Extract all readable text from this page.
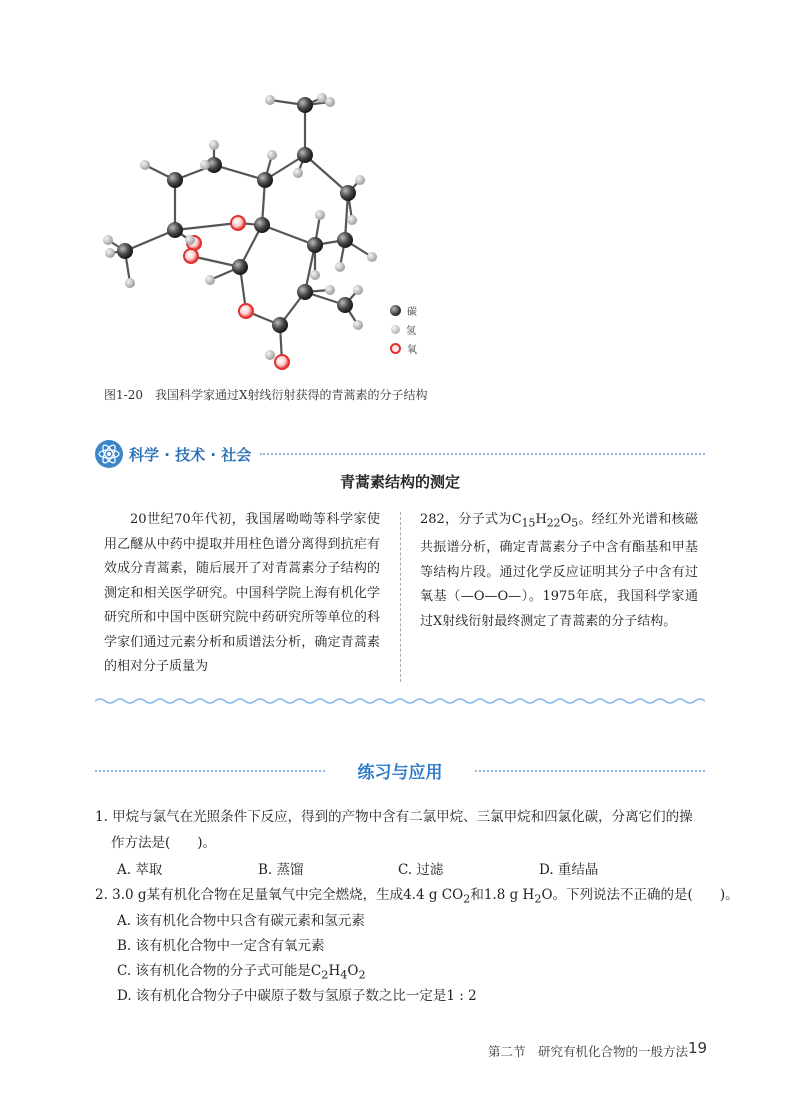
碳
氢
氧
图1-20　我国科学家通过X射线衍射获得的青蒿素的分子结构
科学 · 技术 · 社会
青蒿素结构的测定
20世纪70年代初，我国屠呦呦等科学家使用乙醚从中药中提取并用柱色谱分离得到抗疟有效成分青蒿素，随后展开了对青蒿素分子结构的测定和相关医学研究。中国科学院上海有机化学研究所和中国中医研究院中药研究所等单位的科学家们通过元素分析和质谱法分析，确定青蒿素的相对分子质量为
282，分子式为$C_{15}H_{22}O_5$。经红外光谱和核磁共振谱分析，确定青蒿素分子中含有酯基和甲基等结构片段。通过化学反应证明其分子中含有过氧基（—O—O—）。1975年底，我国科学家通过X射线衍射最终测定了青蒿素的分子结构。
练习与应用
1. 甲烷与氯气在光照条件下反应，得到的产物中含有二氯甲烷、三氯甲烷和四氯化碳，分离它们的操
作方法是(　　)。
A. 萃取	B. 蒸馏	C. 过滤	D. 重结晶
2. 3.0 g某有机化合物在足量氧气中完全燃烧，生成4.4 g $CO_2$和1.8 g $H_2O$。下列说法不正确的是(　　)。
A. 该有机化合物中只含有碳元素和氢元素
B. 该有机化合物中一定含有氧元素
C. 该有机化合物的分子式可能是$C_2H_4O_2$
D. 该有机化合物分子中碳原子数与氢原子数之比一定是1 : 2
第二节　研究有机化合物的一般方法 19
